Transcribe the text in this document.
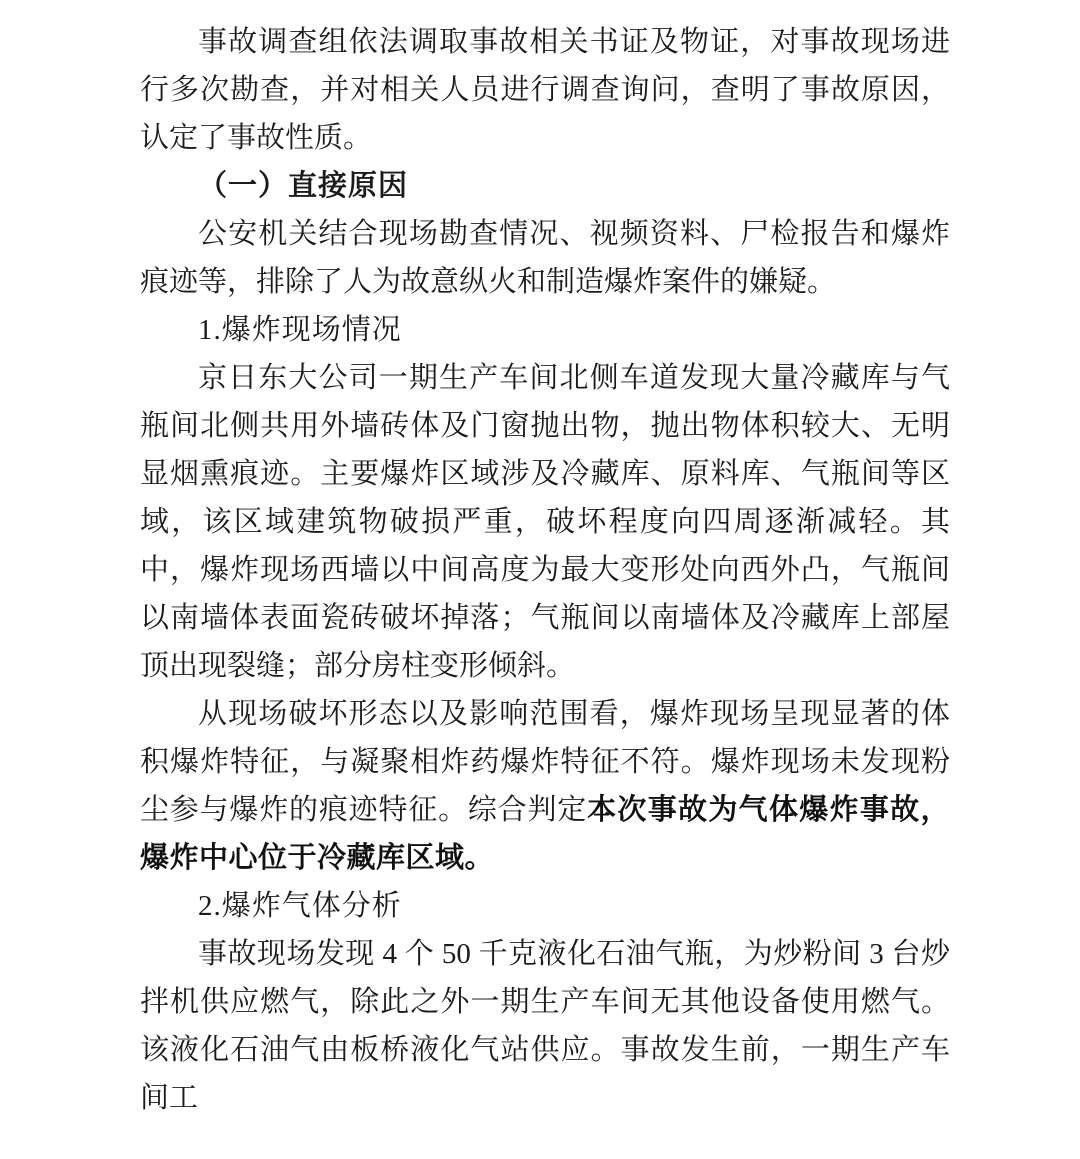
事故调查组依法调取事故相关书证及物证，对事故现场进行多次勘查，并对相关人员进行调查询问，查明了事故原因，认定了事故性质。

（一）直接原因

公安机关结合现场勘查情况、视频资料、尸检报告和爆炸痕迹等，排除了人为故意纵火和制造爆炸案件的嫌疑。

1.爆炸现场情况

京日东大公司一期生产车间北侧车道发现大量冷藏库与气瓶间北侧共用外墙砖体及门窗抛出物，抛出物体积较大、无明显烟熏痕迹。主要爆炸区域涉及冷藏库、原料库、气瓶间等区域，该区域建筑物破损严重，破坏程度向四周逐渐减轻。其中，爆炸现场西墙以中间高度为最大变形处向西外凸，气瓶间以南墙体表面瓷砖破坏掉落；气瓶间以南墙体及冷藏库上部屋顶出现裂缝；部分房柱变形倾斜。

从现场破坏形态以及影响范围看，爆炸现场呈现显著的体积爆炸特征，与凝聚相炸药爆炸特征不符。爆炸现场未发现粉尘参与爆炸的痕迹特征。综合判定本次事故为气体爆炸事故，爆炸中心位于冷藏库区域。

2.爆炸气体分析

事故现场发现 4 个 50 千克液化石油气瓶，为炒粉间 3 台炒拌机供应燃气，除此之外一期生产车间无其他设备使用燃气。该液化石油气由板桥液化气站供应。事故发生前，一期生产车间工
